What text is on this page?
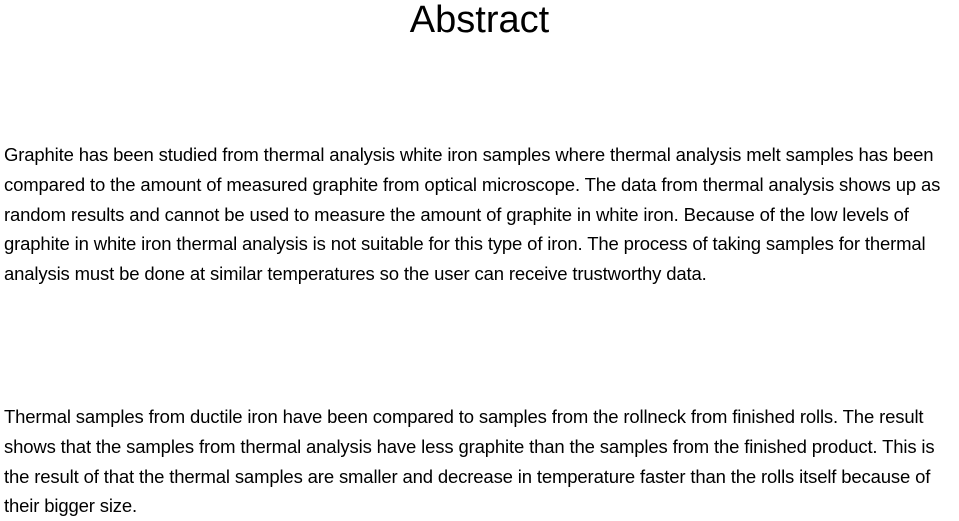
Abstract

Graphite has been studied from thermal analysis white iron samples where thermal analysis melt samples has been compared to the amount of measured graphite from optical microscope. The data from thermal analysis shows up as random results and cannot be used to measure the amount of graphite in white iron. Because of the low levels of graphite in white iron thermal analysis is not suitable for this type of iron. The process of taking samples for thermal analysis must be done at similar temperatures so the user can receive trustworthy data.

Thermal samples from ductile iron have been compared to samples from the rollneck from finished rolls. The result shows that the samples from thermal analysis have less graphite than the samples from the finished product. This is the result of that the thermal samples are smaller and decrease in temperature faster than the rolls itself because of their bigger size.
